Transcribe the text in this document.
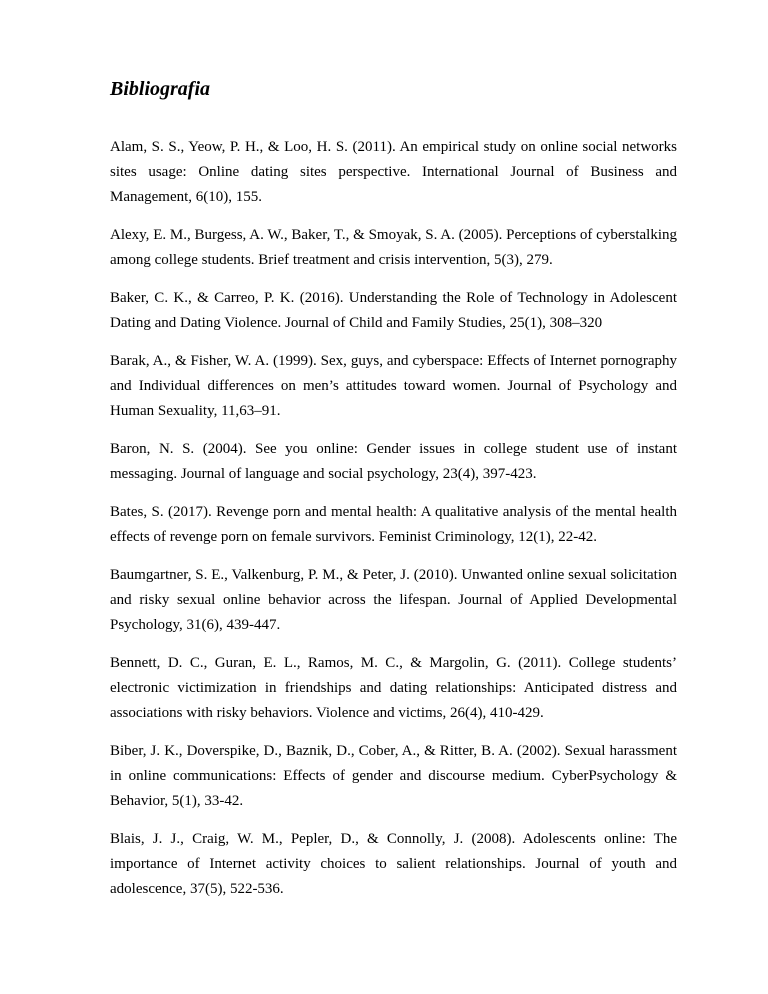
Bibliografia

Alam, S. S., Yeow, P. H., & Loo, H. S. (2011). An empirical study on online social networks sites usage: Online dating sites perspective. International Journal of Business and Management, 6(10), 155.

Alexy, E. M., Burgess, A. W., Baker, T., & Smoyak, S. A. (2005). Perceptions of cyberstalking among college students. Brief treatment and crisis intervention, 5(3), 279.

Baker, C. K., & Carreo, P. K. (2016). Understanding the Role of Technology in Adolescent Dating and Dating Violence. Journal of Child and Family Studies, 25(1), 308–320

Barak, A., & Fisher, W. A. (1999). Sex, guys, and cyberspace: Effects of Internet pornography and Individual differences on men’s attitudes toward women. Journal of Psychology and Human Sexuality, 11,63–91.

Baron, N. S. (2004). See you online: Gender issues in college student use of instant messaging. Journal of language and social psychology, 23(4), 397-423.

Bates, S. (2017). Revenge porn and mental health: A qualitative analysis of the mental health effects of revenge porn on female survivors. Feminist Criminology, 12(1), 22-42.

Baumgartner, S. E., Valkenburg, P. M., & Peter, J. (2010). Unwanted online sexual solicitation and risky sexual online behavior across the lifespan. Journal of Applied Developmental Psychology, 31(6), 439-447.

Bennett, D. C., Guran, E. L., Ramos, M. C., & Margolin, G. (2011). College students’ electronic victimization in friendships and dating relationships: Anticipated distress and associations with risky behaviors. Violence and victims, 26(4), 410-429.

Biber, J. K., Doverspike, D., Baznik, D., Cober, A., & Ritter, B. A. (2002). Sexual harassment in online communications: Effects of gender and discourse medium. CyberPsychology & Behavior, 5(1), 33-42.

Blais, J. J., Craig, W. M., Pepler, D., & Connolly, J. (2008). Adolescents online: The importance of Internet activity choices to salient relationships. Journal of youth and adolescence, 37(5), 522-536.
